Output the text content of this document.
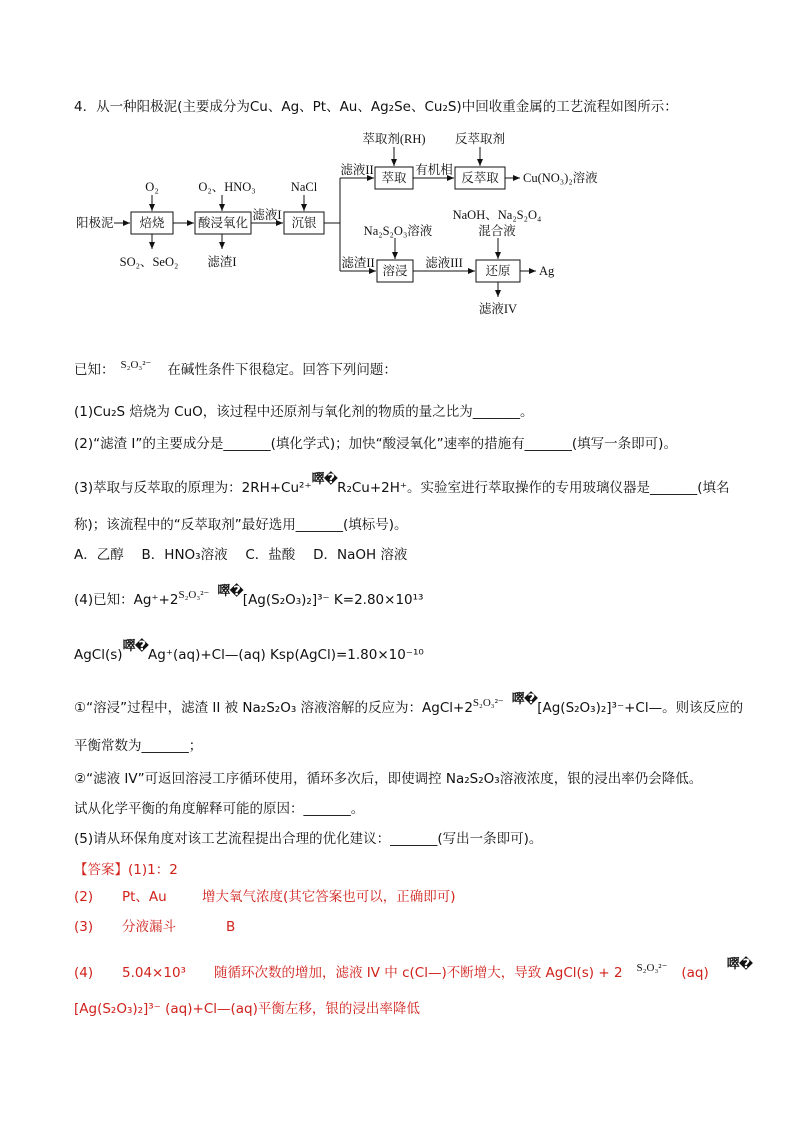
4．从一种阳极泥(主要成分为Cu、Ag、Pt、Au、Ag₂Se、Cu₂S)中回收重金属的工艺流程如图所示：
焙烧	酸浸氧化	沉银
萃取	反萃取
溶浸	还原
阳极泥
O₂	O₂、HNO₃	NaCl
萃取剂(RH) 反萃取剂
Na₂S₂O₃溶液
NaOH、Na₂S₂O₄
混合液
SO₂、SeO₂ 滤渣I
滤液I
滤液II	有机相
Cu(NO₃)₂溶液
滤渣II	滤液III
Ag
滤液IV
已知： S₂O₃²⁻ 在碱性条件下很稳定。回答下列问题：
(1)Cu₂S 焙烧为 CuO，该过程中还原剂与氧化剂的物质的量之比为_______。
(2)“滤渣 I”的主要成分是_______(填化学式)；加快“酸浸氧化”速率的措施有_______(填写一条即可)。
(3)萃取与反萃取的原理为：2RH+Cu²⁺噿�R₂Cu+2H⁺。实验室进行萃取操作的专用玻璃仪器是_______(填名
称)；该流程中的“反萃取剂”最好选用_______(填标号)。
A．乙醇　 B．HNO₃溶液　 C．盐酸　 D．NaOH 溶液
(4)已知：Ag⁺+2S₂O₃²⁻ 噿�[Ag(S₂O₃)₂]³⁻ K=2.80×10¹³
AgCl(s)噿�Ag⁺(aq)+Cl—(aq) Ksp(AgCl)=1.80×10⁻¹⁰
①“溶浸”过程中，滤渣 II 被 Na₂S₂O₃ 溶液溶解的反应为：AgCl+2S₂O₃²⁻ 噿�[Ag(S₂O₃)₂]³⁻+Cl—。则该反应的
平衡常数为_______；
②“滤液 IV”可返回溶浸工序循环使用，循环多次后，即使调控 Na₂S₂O₃溶液浓度，银的浸出率仍会降低。
试从化学平衡的角度解释可能的原因：_______。
(5)请从环保角度对该工艺流程提出合理的优化建议：_______(写出一条即可)。
【答案】(1)1：2
(2) Pt、Au	增大氧气浓度(其它答案也可以，正确即可)
(3) 分液漏斗	B
(4) 5.04×10³ 随循环次数的增加，滤液 IV 中 c(Cl—)不断增大，导致 AgCl(s) + 2 S₂O₃²⁻ (aq)噿�
[Ag(S₂O₃)₂]³⁻ (aq)+Cl—(aq)平衡左移，银的浸出率降低
